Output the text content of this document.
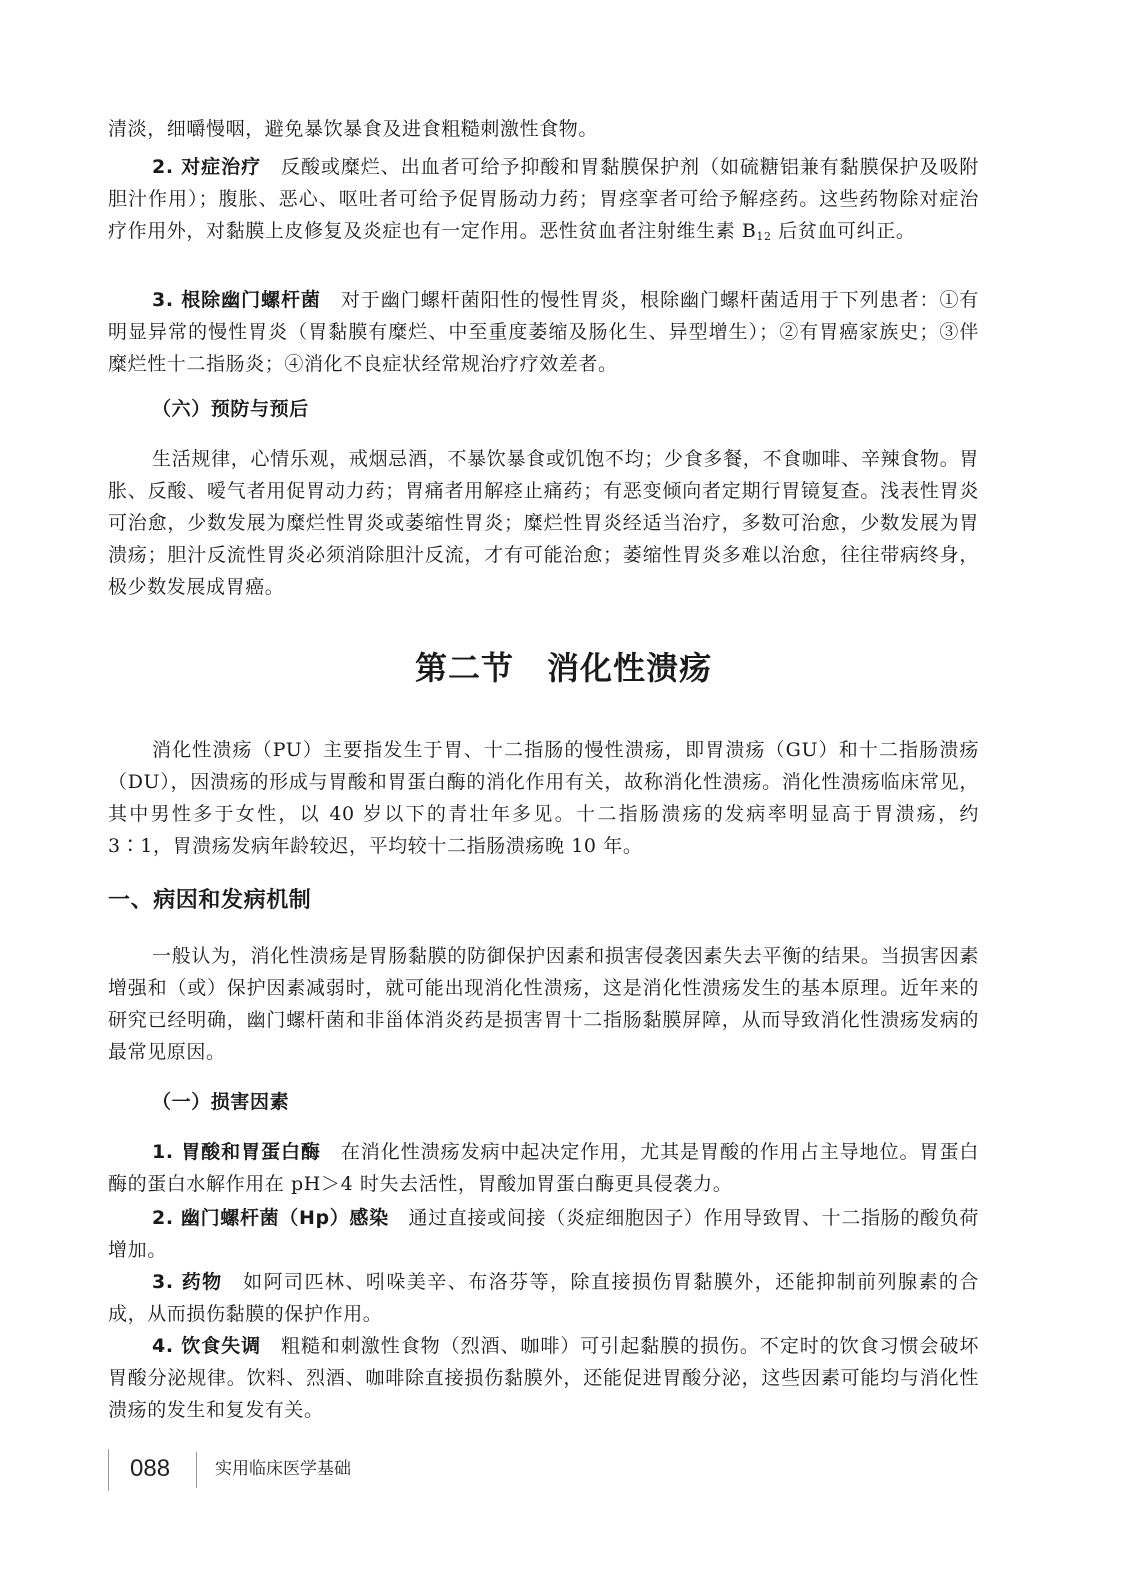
清淡，细嚼慢咽，避免暴饮暴食及进食粗糙刺激性食物。

2. 对症治疗　反酸或糜烂、出血者可给予抑酸和胃黏膜保护剂（如硫糖铝兼有黏膜保护及吸附胆汁作用）；腹胀、恶心、呕吐者可给予促胃肠动力药；胃痉挛者可给予解痉药。这些药物除对症治疗作用外，对黏膜上皮修复及炎症也有一定作用。恶性贫血者注射维生素 $B_{12}$ 后贫血可纠正。

3. 根除幽门螺杆菌　对于幽门螺杆菌阳性的慢性胃炎，根除幽门螺杆菌适用于下列患者：①有明显异常的慢性胃炎（胃黏膜有糜烂、中至重度萎缩及肠化生、异型增生）；②有胃癌家族史；③伴糜烂性十二指肠炎；④消化不良症状经常规治疗疗效差者。

（六）预防与预后

生活规律，心情乐观，戒烟忌酒，不暴饮暴食或饥饱不均；少食多餐，不食咖啡、辛辣食物。胃胀、反酸、嗳气者用促胃动力药；胃痛者用解痉止痛药；有恶变倾向者定期行胃镜复查。浅表性胃炎可治愈，少数发展为糜烂性胃炎或萎缩性胃炎；糜烂性胃炎经适当治疗，多数可治愈，少数发展为胃溃疡；胆汁反流性胃炎必须消除胆汁反流，才有可能治愈；萎缩性胃炎多难以治愈，往往带病终身，极少数发展成胃癌。

第二节　消化性溃疡

消化性溃疡（PU）主要指发生于胃、十二指肠的慢性溃疡，即胃溃疡（GU）和十二指肠溃疡（DU），因溃疡的形成与胃酸和胃蛋白酶的消化作用有关，故称消化性溃疡。消化性溃疡临床常见，其中男性多于女性，以 40 岁以下的青壮年多见。十二指肠溃疡的发病率明显高于胃溃疡，约 3∶1，胃溃疡发病年龄较迟，平均较十二指肠溃疡晚 10 年。

一、病因和发病机制

一般认为，消化性溃疡是胃肠黏膜的防御保护因素和损害侵袭因素失去平衡的结果。当损害因素增强和（或）保护因素减弱时，就可能出现消化性溃疡，这是消化性溃疡发生的基本原理。近年来的研究已经明确，幽门螺杆菌和非甾体消炎药是损害胃十二指肠黏膜屏障，从而导致消化性溃疡发病的最常见原因。

（一）损害因素

1. 胃酸和胃蛋白酶　在消化性溃疡发病中起决定作用，尤其是胃酸的作用占主导地位。胃蛋白酶的蛋白水解作用在 pH＞4 时失去活性，胃酸加胃蛋白酶更具侵袭力。

2. 幽门螺杆菌（Hp）感染　通过直接或间接（炎症细胞因子）作用导致胃、十二指肠的酸负荷增加。

3. 药物　如阿司匹林、吲哚美辛、布洛芬等，除直接损伤胃黏膜外，还能抑制前列腺素的合成，从而损伤黏膜的保护作用。

4. 饮食失调　粗糙和刺激性食物（烈酒、咖啡）可引起黏膜的损伤。不定时的饮食习惯会破坏胃酸分泌规律。饮料、烈酒、咖啡除直接损伤黏膜外，还能促进胃酸分泌，这些因素可能均与消化性溃疡的发生和复发有关。

088	实用临床医学基础
